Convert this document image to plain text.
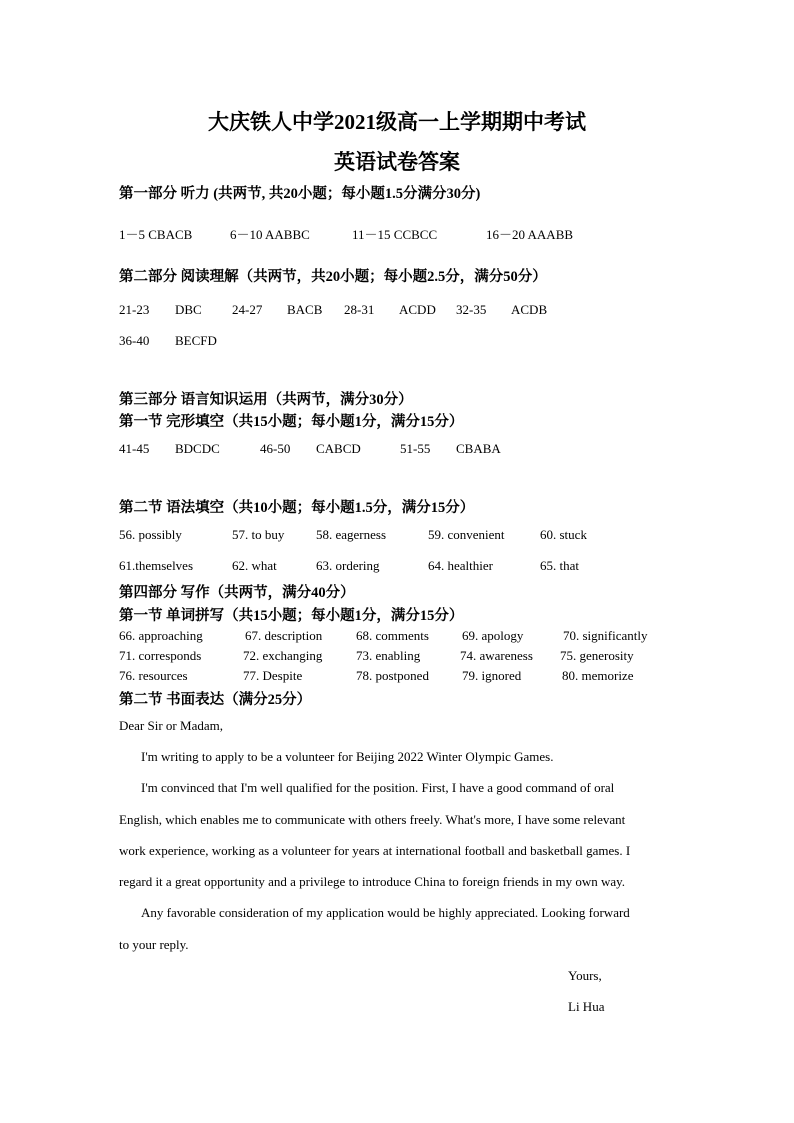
大庆铁人中学2021级高一上学期期中考试
英语试卷答案
第一部分 听力 (共两节, 共20小题；每小题1.5分满分30分)
1－5 CBACB	6－10 AABBC	11－15 CCBCC	16－20 AAABB
第二部分 阅读理解（共两节，共20小题；每小题2.5分，满分50分）
21-23 DBC 24-27 BACB 28-31 ACDD 32-35 ACDB
36-40 BECFD
第三部分 语言知识运用（共两节，满分30分）
第一节 完形填空（共15小题；每小题1分，满分15分）
41-45 BDCDC	46-50 CABCD	51-55 CBABA
第二节 语法填空（共10小题；每小题1.5分，满分15分）
56. possibly	57. to buy 58. eagerness	59. convenient	60. stuck
61.themselves	62. what	63. ordering	64. healthier	65. that
第四部分 写作（共两节，满分40分）
第一节 单词拼写（共15小题；每小题1分，满分15分）
66. approaching	67. description	68. comments	69. apology	70. significantly
71. corresponds	72. exchanging	73. enabling	74. awareness 75. generosity
76. resources	77. Despite	78. postponed	79. ignored	80. memorize
第二节 书面表达（满分25分）
Dear Sir or Madam,
I'm writing to apply to be a volunteer for Beijing 2022 Winter Olympic Games.
I'm convinced that I'm well qualified for the position. First, I have a good command of oral
English, which enables me to communicate with others freely. What's more, I have some relevant
work experience, working as a volunteer for years at international football and basketball games. I
regard it a great opportunity and a privilege to introduce China to foreign friends in my own way.
Any favorable consideration of my application would be highly appreciated. Looking forward
to your reply.
Yours,
Li Hua
